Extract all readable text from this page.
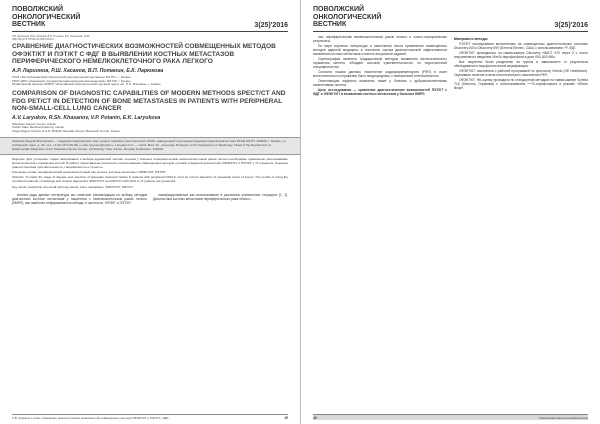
ПОВОЛЖСКИЙ ОНКОЛОГИЧЕСКИЙ ВЕСТНИК	3(25)'2016
Л.Р. Ларионов, Р.Ш. Хасанов, В.П. Потанин, Е.К. Ларюкова, 2016
УДК 616-073.75:616.24-006.6-033.2
СРАВНЕНИЕ ДИАГНОСТИЧЕСКИХ ВОЗМОЖНОСТЕЙ СОВМЕЩЕННЫХ МЕТОДОВ ОФЭКТ/КТ И ПЭТ/КТ С ФДГ В ВЫЯВЛЕНИИ КОСТНЫХ МЕТАСТАЗОВ ПЕРИФЕРИЧЕСКОГО НЕМЕЛКОКЛЕТОЧНОГО РАКА ЛЕГКОГО
А.Р. Ларионов, Р.Ш. Хасанов, В.П. Потанин, Е.К. Ларюкова
ГАУЗ «Республиканский клинический онкологический диспансер МЗ РТ», г. Казань
ГБОУ ДПО «Казанская государственная медицинская академия» МЗ РФ, г. Казань
Приволжский филиал ФГБНУ «Российский онкологический научный центр им. Н.Н. Блохина», г. Казань
COMPARISON OF DIAGNOSTIC CAPABILITIES OF MODERN METHODS SPECT/CT AND FDG PET/CT IN DETECTION OF BONE METASTASES IN PATIENTS WITH PERIPHERAL NON-SMALL-CELL LUNG CANCER
A.V. Laryukov, R.Sh. Khasanov, V.P. Potanin, E.K. Laryukova
Tatarstan Cancer Center, Kazan
Kazan State Medical Academy, Kazan
Volga Region branch of N.N. Blokhin Russian Cancer Research Center, Kazan
Ларюков Андрей Викторович — кандидат медицинских наук, доцент кафебры рентгенологии КГМА, заведующий отделением радионуклидной диагностики РКОД МЗ РТ. 420029, г. Казань, ул. Сибирский тракт, д. 29, тел. +7-917-874-45-08, e-mail: laryukov@mail.ru. Laryukov A.V. — Cand. Med. Sc., Associate Professor of the Department of Radiology, Head of the Department of Radionuclide Diagnosis of the Tatarstan Cancer Center. 29 Sibirsky Trakt, Kazan, Russian Federation, 420029.

Реферат. Для уточнения стадии заболевания и выбора адекватной тактики лечения у больных периферическим немелкоклеточным раком легкого необходимо правильное распознавание метастатического поражения костей. В работе представлены результаты использования совмещенных методов лучевой и ядерной диагностики ОФЭКТ/КТ и ПЭТ/КТ у 71 пациента. Оценены диагностическая чувствительность, специфичность и точность.

Ключевые слова: периферический немелкоклеточный рак легкого, костные метастазы, ОФЭКТ/КТ, ПЭТ/КТ.

Abstract. To clarify the stage of disease and selection of adequate treatment tactics in patients with peripheral NSCLC must be correct detection of metastatic lesion of bones. The results of using the combined methods of radiology and nuclear diagnostics SPECT/CT and PET/CT with FDG in 71 patients are presented.

Key words: peripheral non-small cell lung cancer, bone metastases, SPECT/CT, PET/CT.

Анализ ряда данных литературы мы отметили рекомендации по выбору методов диагностики костных метастазов у пациентов с немелкоклеточным раком легкого (НМРЛ), как наиболее информативного метода, в частности, ОФЭКТ и ПЭТ/КТ.

ласифицированные как использование в различных клинических ситуациях [1, 2]. Диагностика костных метастазов периферического рака лёгкого...

А.В. Ларюков и соавт. Сравнение диагностических возможностей совмещённых методов ОФЭКТ/КТ и ПЭТ/КТ с ФДГ...	45
ПОВОЛЖСКИЙ ОНКОЛОГИЧЕСКИЙ ВЕСТНИК	3(25)'2016

ных периферическим немелкоклеточным раком легкого и ложно-отрицательные результаты.

По мере изучения литературы и накопления опыта применения совмещённых методов ядерной медицины в онкологии оценка диагностической эффективности выявления костных метастазов остается актуальной задачей.

Сцинтиграфия является традиционным методом выявления метастатического поражения скелета, обладает высокой чувствительностью, но недостаточной специфичностью.

Согласно нашим данным, накопление радиофармпрепарата (РФП) в очаге метастатического поражения было неоднородным, с повышенной интенсивностью.

Осветляющие эффекты выявлены также у больных с доброкачественными изменениями скелета.

Цель исследования — сравнение диагностических возможностей ПЭТ/КТ с ФДГ и ОФЭКТ/КТ в выявлении костных метастазов у больных НМРЛ.

Материал и методы

ПЭТ/КТ исследования выполнялись на совмещенных диагностических системах Discovery 600 и Discovery 690 (General Electric, США) с использованием ¹⁸F-ФДГ.

ОФЭКТ/КТ проводилась на гамма-камере Discovery NM/CT 670 через 3 ч после внутривенного введения 99mTc-пирофосфата в дозе 600–800 МБк.

Все пациенты были разделены на группы в зависимости от результатов обследования и морфологической верификации.

ОФЭКТ/КТ: выполнена с рабочей программой по протоколу Xeleris (GE Healthcare). Оценивали наличие очагов патологического накопления РФП.

ОФЭКТ/КТ: ФК-оценку проводили по стандартной методике на гамма-камере Symbia T16 (Siemens, Германия) с использованием ⁹⁹ᵐTc-пирофосфата в режиме «Whole Body».

46	Поволжский онкологический вестник
